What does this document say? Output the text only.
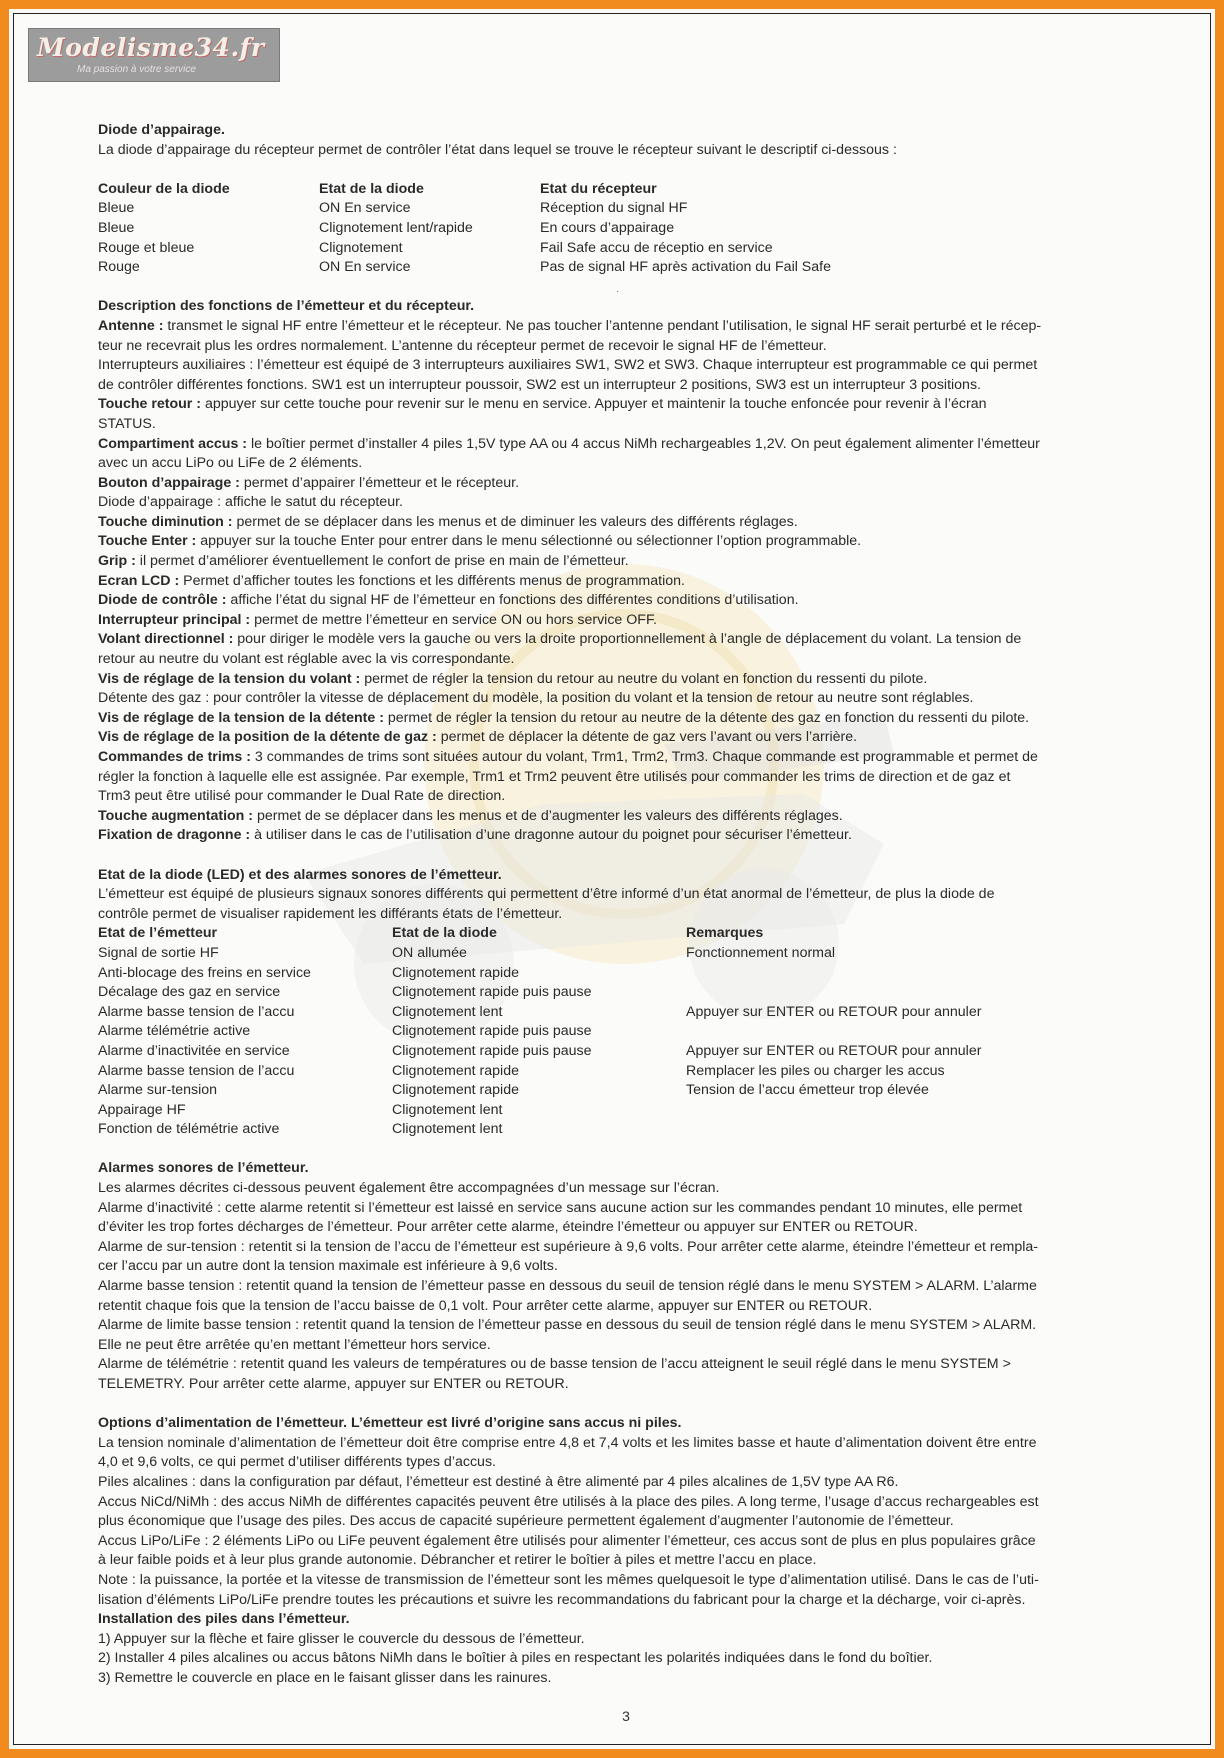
Modelisme34.fr
Ma passion à votre service
·

Diode d’appairage.

La diode d’appairage du récepteur permet de contrôler l’état dans lequel se trouve le récepteur suivant le descriptif ci-dessous :

Couleur de la diode	Etat de la diode	Etat du récepteur
Bleue	ON En service	Réception du signal HF
Bleue	Clignotement lent/rapide	En cours d’appairage
Rouge et bleue	Clignotement	Fail Safe accu de réceptio en service
Rouge	ON En service	Pas de signal HF après activation du Fail Safe

Description des fonctions de l’émetteur et du récepteur.

Antenne : transmet le signal HF entre l’émetteur et le récepteur. Ne pas toucher l’antenne pendant l’utilisation, le signal HF serait perturbé et le récep-

teur ne recevrait plus les ordres normalement. L’antenne du récepteur permet de recevoir le signal HF de l’émetteur.

Interrupteurs auxiliaires : l’émetteur est équipé de 3 interrupteurs auxiliaires SW1, SW2 et SW3. Chaque interrupteur est programmable ce qui permet

de contrôler différentes fonctions. SW1 est un interrupteur poussoir, SW2 est un interrupteur 2 positions, SW3 est un interrupteur 3 positions.

Touche retour : appuyer sur cette touche pour revenir sur le menu en service. Appuyer et maintenir la touche enfoncée pour revenir à l’écran

STATUS.

Compartiment accus : le boîtier permet d’installer 4 piles 1,5V type AA ou 4 accus NiMh rechargeables 1,2V. On peut également alimenter l’émetteur

avec un accu LiPo ou LiFe de 2 éléments.

Bouton d’appairage : permet d’appairer l’émetteur et le récepteur.

Diode d’appairage : affiche le satut du récepteur.

Touche diminution : permet de se déplacer dans les menus et de diminuer les valeurs des différents réglages.

Touche Enter : appuyer sur la touche Enter pour entrer dans le menu sélectionné ou sélectionner l’option programmable.

Grip : il permet d’améliorer éventuellement le confort de prise en main de l’émetteur.

Ecran LCD : Permet d’afficher toutes les fonctions et les différents menus de programmation.

Diode de contrôle : affiche l’état du signal HF de l’émetteur en fonctions des différentes conditions d’utilisation.

Interrupteur principal : permet de mettre l’émetteur en service ON ou hors service OFF.

Volant directionnel : pour diriger le modèle vers la gauche ou vers la droite proportionnellement à l’angle de déplacement du volant. La tension de

retour au neutre du volant est réglable avec la vis correspondante.

Vis de réglage de la tension du volant : permet de régler la tension du retour au neutre du volant en fonction du ressenti du pilote.

Détente des gaz : pour contrôler la vitesse de déplacement du modèle, la position du volant et la tension de retour au neutre sont réglables.

Vis de réglage de la tension de la détente : permet de régler la tension du retour au neutre de la détente des gaz en fonction du ressenti du pilote.

Vis de réglage de la position de la détente de gaz : permet de déplacer la détente de gaz vers l’avant ou vers l’arrière.

Commandes de trims : 3 commandes de trims sont situées autour du volant, Trm1, Trm2, Trm3. Chaque commande est programmable et permet de

régler la fonction à laquelle elle est assignée. Par exemple, Trm1 et Trm2 peuvent être utilisés pour commander les trims de direction et de gaz et

Trm3 peut être utilisé pour commander le Dual Rate de direction.

Touche augmentation : permet de se déplacer dans les menus et de d’augmenter les valeurs des différents réglages.

Fixation de dragonne : à utiliser dans le cas de l’utilisation d’une dragonne autour du poignet pour sécuriser l’émetteur.

Etat de la diode (LED) et des alarmes sonores de l’émetteur.

L’émetteur est équipé de plusieurs signaux sonores différents qui permettent d’être informé d’un état anormal de l’émetteur, de plus la diode de

contrôle permet de visualiser rapidement les différants états de l’émetteur.

Etat de l’émetteur	Etat de la diode	Remarques
Signal de sortie HF	ON allumée	Fonctionnement normal
Anti-blocage des freins en service	Clignotement rapide
Décalage des gaz en service	Clignotement rapide puis pause
Alarme basse tension de l’accu	Clignotement lent	Appuyer sur ENTER ou RETOUR pour annuler
Alarme télémétrie active	Clignotement rapide puis pause
Alarme d’inactivitée en service	Clignotement rapide puis pause	Appuyer sur ENTER ou RETOUR pour annuler
Alarme basse tension de l’accu	Clignotement rapide	Remplacer les piles ou charger les accus
Alarme sur-tension	Clignotement rapide	Tension de l’accu émetteur trop élevée
Appairage HF	Clignotement lent
Fonction de télémétrie active	Clignotement lent

Alarmes sonores de l’émetteur.

Les alarmes décrites ci-dessous peuvent également être accompagnées d’un message sur l’écran.

Alarme d’inactivité : cette alarme retentit si l’émetteur est laissé en service sans aucune action sur les commandes pendant 10 minutes, elle permet

d’éviter les trop fortes décharges de l’émetteur. Pour arrêter cette alarme, éteindre l’émetteur ou appuyer sur ENTER ou RETOUR.

Alarme de sur-tension : retentit si la tension de l’accu de l’émetteur est supérieure à 9,6 volts. Pour arrêter cette alarme, éteindre l’émetteur et rempla-

cer l’accu par un autre dont la tension maximale est inférieure à 9,6 volts.

Alarme basse tension : retentit quand la tension de l’émetteur passe en dessous du seuil de tension réglé dans le menu SYSTEM > ALARM. L’alarme

retentit chaque fois que la tension de l’accu baisse de 0,1 volt. Pour arrêter cette alarme, appuyer sur ENTER ou RETOUR.

Alarme de limite basse tension : retentit quand la tension de l’émetteur passe en dessous du seuil de tension réglé dans le menu SYSTEM > ALARM.

Elle ne peut être arrêtée qu’en mettant l’émetteur hors service.

Alarme de télémétrie : retentit quand les valeurs de températures ou de basse tension de l’accu atteignent le seuil réglé dans le menu SYSTEM >

TELEMETRY. Pour arrêter cette alarme, appuyer sur ENTER ou RETOUR.

Options d’alimentation de l’émetteur. L’émetteur est livré d’origine sans accus ni piles.

La tension nominale d’alimentation de l’émetteur doit être comprise entre 4,8 et 7,4 volts et les limites basse et haute d’alimentation doivent être entre

4,0 et 9,6 volts, ce qui permet d’utiliser différents types d’accus.

Piles alcalines : dans la configuration par défaut, l’émetteur est destiné à être alimenté par 4 piles alcalines de 1,5V type AA R6.

Accus NiCd/NiMh : des accus NiMh de différentes capacités peuvent être utilisés à la place des piles. A long terme, l’usage d’accus rechargeables est

plus économique que l’usage des piles. Des accus de capacité supérieure permettent également d’augmenter l’autonomie de l’émetteur.

Accus LiPo/LiFe : 2 éléments LiPo ou LiFe peuvent également être utilisés pour alimenter l’émetteur, ces accus sont de plus en plus populaires grâce

à leur faible poids et à leur plus grande autonomie. Débrancher et retirer le boîtier à piles et mettre l’accu en place.

Note : la puissance, la portée et la vitesse de transmission de l’émetteur sont les mêmes quelquesoit le type d’alimentation utilisé. Dans le cas de l’uti-

lisation d’éléments LiPo/LiFe prendre toutes les précautions et suivre les recommandations du fabricant pour la charge et la décharge, voir ci-après.

Installation des piles dans l’émetteur.

1) Appuyer sur la flèche et faire glisser le couvercle du dessous de l’émetteur.

2) Installer 4 piles alcalines ou accus bâtons NiMh dans le boîtier à piles en respectant les polarités indiquées dans le fond du boîtier.

3) Remettre le couvercle en place en le faisant glisser dans les rainures.

3
